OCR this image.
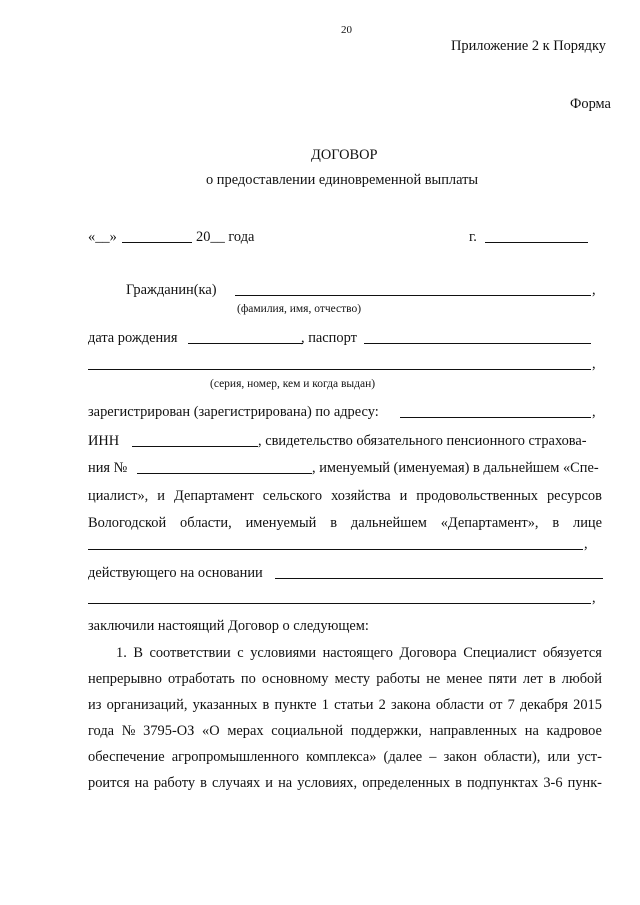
20
Приложение 2 к Порядку
Форма
ДОГОВОР
о предоставлении единовременной выплаты
«__»	20__ года	г.
Гражданин(ка)	,
(фамилия, имя, отчество)
дата рождения	, паспорт
,
(серия, номер, кем и когда выдан)
зарегистрирован (зарегистрирована) по адресу:	,
ИНН	, свидетельство обязательного пенсионного страхова-
ния №	, именуемый (именуемая) в дальнейшем «Спе-
циалист», и Департамент сельского хозяйства и продовольственных ресурсов
Вологодской области, именуемый в дальнейшем «Департамент», в лице
,
действующего на основании
,
заключили настоящий Договор о следующем:
1. В соответствии с условиями настоящего Договора Специалист обязуется
непрерывно отработать по основному месту работы не менее пяти лет в любой
из организаций, указанных в пункте 1 статьи 2 закона области от 7 декабря 2015
года № 3795-ОЗ «О мерах социальной поддержки, направленных на кадровое
обеспечение агропромышленного комплекса» (далее – закон области), или уст-
роится на работу в случаях и на условиях, определенных в подпунктах 3-6 пунк-
